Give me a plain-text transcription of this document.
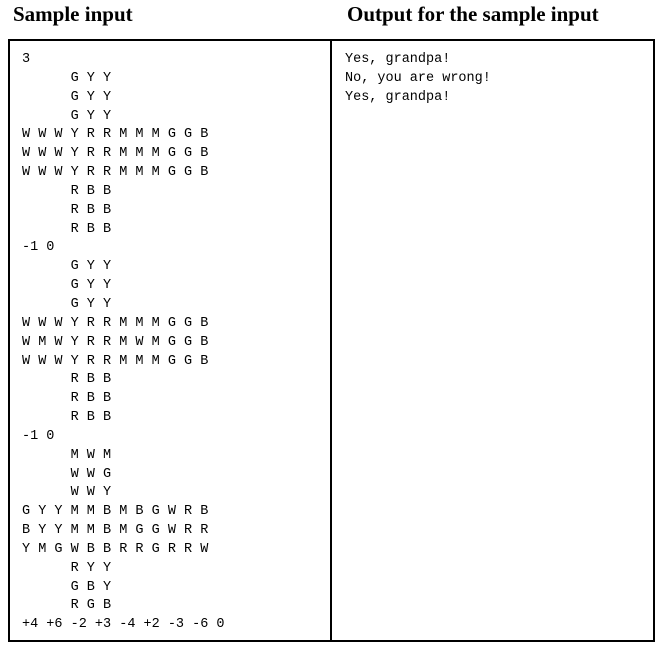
Sample input	Output for the sample input
3
G Y Y
G Y Y
G Y Y
W W W Y R R M M M G G B
W W W Y R R M M M G G B
W W W Y R R M M M G G B
R B B
R B B
R B B
-1 0
G Y Y
G Y Y
G Y Y
W W W Y R R M M M G G B
W M W Y R R M W M G G B
W W W Y R R M M M G G B
R B B
R B B
R B B
-1 0
M W M
W W G
W W Y
G Y Y M M B M B G W R B
B Y Y M M B M G G W R R
Y M G W B B R R G R R W
R Y Y
G B Y
R G B
+4 +6 -2 +3 -4 +2 -3 -6 0
Yes, grandpa!
No, you are wrong!
Yes, grandpa!
